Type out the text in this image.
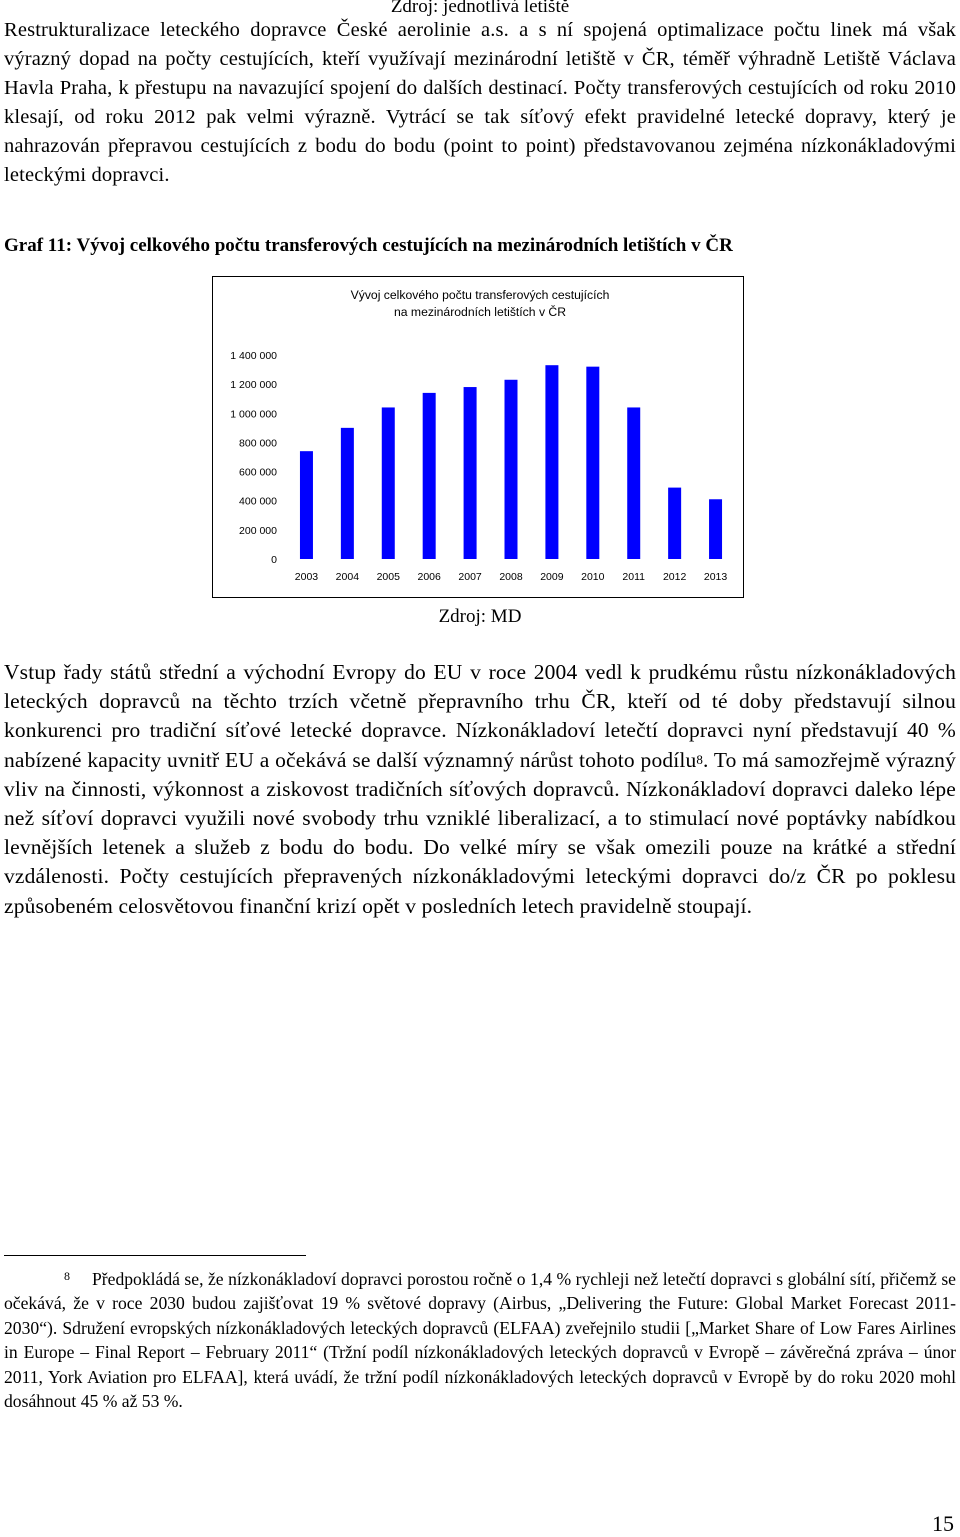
Zdroj: jednotlivá letiště
Restrukturalizace leteckého dopravce České aerolinie a.s. a s ní spojená optimalizace počtu linek má však výrazný dopad na počty cestujících, kteří využívají mezinárodní letiště v ČR, téměř výhradně Letiště Václava Havla Praha, k přestupu na navazující spojení do dalších destinací. Počty transferových cestujících od roku 2010 klesají, od roku 2012 pak velmi výrazně. Vytrácí se tak síťový efekt pravidelné letecké dopravy, který je nahrazován přepravou cestujících z bodu do bodu (point to point) představovanou zejména nízkonákladovými leteckými dopravci.
Graf 11: Vývoj celkového počtu transferových cestujících na mezinárodních letištích v ČR
Vývoj celkového počtu transferových cestujících
na mezinárodních letištích v ČR
0
200 000
400 000
600 000
800 000
1 000 000
1 200 000
1 400 000
2003 2004 2005 2006 2007 2008 2009 2010 2011 2012 2013
Zdroj: MD
Vstup řady států střední a východní Evropy do EU v roce 2004 vedl k prudkému růstu nízkonákladových leteckých dopravců na těchto trzích včetně přepravního trhu ČR, kteří od té doby představují silnou konkurenci pro tradiční síťové letecké dopravce. Nízkonákladoví letečtí dopravci nyní představují 40 % nabízené kapacity uvnitř EU a očekává se další významný nárůst tohoto podílu$^8$. To má samozřejmě výrazný vliv na činnosti, výkonnost a ziskovost tradičních síťových dopravců. Nízkonákladoví dopravci daleko lépe než síťoví dopravci využili nové svobody trhu vzniklé liberalizací, a to stimulací nové poptávky nabídkou levnějších letenek a služeb z bodu do bodu. Do velké míry se však omezili pouze na krátké a střední vzdálenosti. Počty cestujících přepravených nízkonákladovými leteckými dopravci do/z ČR po poklesu způsobeném celosvětovou finanční krizí opět v posledních letech pravidelně stoupají.
8 Předpokládá se, že nízkonákladoví dopravci porostou ročně o 1,4 % rychleji než letečtí dopravci s globální sítí, přičemž se očekává, že v roce 2030 budou zajišťovat 19 % světové dopravy (Airbus, „Delivering the Future: Global Market Forecast 2011-2030“). Sdružení evropských nízkonákladových leteckých dopravců (ELFAA) zveřejnilo studii [„Market Share of Low Fares Airlines in Europe – Final Report – February 2011“ (Tržní podíl nízkonákladových leteckých dopravců v Evropě – závěrečná zpráva – únor 2011, York Aviation pro ELFAA], která uvádí, že tržní podíl nízkonákladových leteckých dopravců v Evropě by do roku 2020 mohl dosáhnout 45 % až 53 %.
15
